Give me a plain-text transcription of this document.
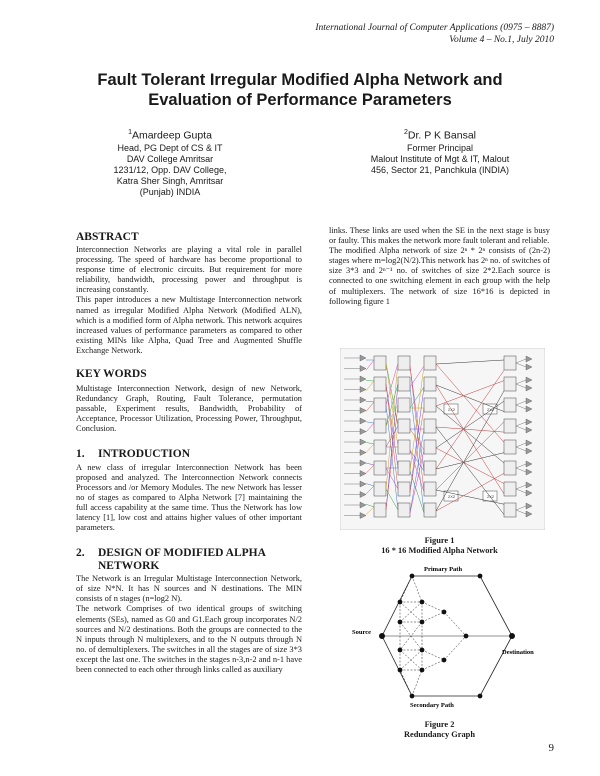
International Journal of Computer Applications (0975 – 8887)
Volume 4 – No.1, July 2010
Fault Tolerant Irregular Modified Alpha Network and Evaluation of Performance Parameters
$^1$Amardeep Gupta
Head, PG Dept of CS & IT
DAV College Amritsar
1231/12, Opp. DAV College,
Katra Sher Singh, Amritsar
(Punjab) INDIA
$^2$Dr. P K Bansal
Former Principal
Malout Institute of Mgt & IT, Malout
456, Sector 21, Panchkula (INDIA)
ABSTRACT

Interconnection Networks are playing a vital role in parallel processing. The speed of hardware has become proportional to response time of electronic circuits. But requirement for more reliability, bandwidth, processing power and throughput is increasing constantly.

This paper introduces a new Multistage Interconnection network named as irregular Modified Alpha Network (Modified ALN), which is a modified form of Alpha network. This network acquires increased values of performance parameters as compared to other existing MINs like Alpha, Quad Tree and Augmented Shuffle Exchange Network.

KEY WORDS

Multistage Interconnection Network, design of new Network, Redundancy Graph, Routing, Fault Tolerance, permutation passable, Experiment results, Bandwidth, Probability of Acceptance, Processor Utilization, Processing Power, Throughput, Conclusion.

1. INTRODUCTION

A new class of irregular Interconnection Network has been proposed and analyzed. The Interconnection Network connects Processors and /or Memory Modules. The new Network has lesser no of stages as compared to Alpha Network [7] maintaining the full access capability at the same time. Thus the Network has low latency [1], low cost and attains higher values of other important parameters.

2. DESIGN OF MODIFIED ALPHA
NETWORK

The Network is an Irregular Multistage Interconnection Network, of size N*N. It has N sources and N destinations. The MIN consists of n stages (n=log2 N).

The network Comprises of two identical groups of switching elements (SEs), named as G0 and G1.Each group incorporates N/2 sources and N/2 destinations. Both the groups are connected to the N inputs through N multiplexers, and to the N outputs through N no. of demultiplexers. The switches in all the stages are of size 3*3 except the last one. The switches in the stages n-3,n-2 and n-1 have been connected to each other through links called as auxiliary

links. These links are used when the SE in the next stage is busy or faulty. This makes the network more fault tolerant and reliable.

The modified Alpha network of size 2ⁿ * 2ⁿ consists of (2n-2) stages where m=log2(N/2).This network has 2ⁿ no. of switches of size 3*3 and 2ⁿ⁻¹ no. of switches of size 2*2.Each source is connected to one switching element in each group with the help of multiplexers. The network of size 16*16 is depicted in following figure 1

2X2	2X2
2X2	2X2
Figure 1
16 * 16 Modified Alpha Network
Primary Path
Secondary Path
Source
Destination
Figure 2
Redundancy Graph
9
